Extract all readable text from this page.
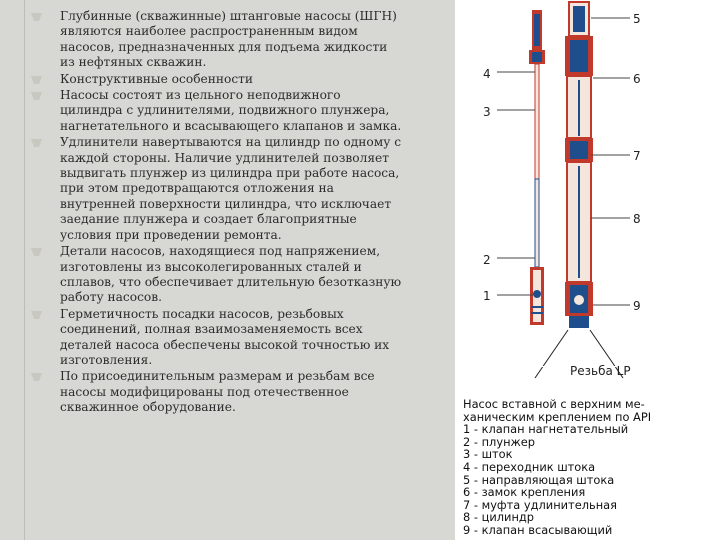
Глубинные (скважинные) штанговые насосы (ШГН) являются наиболее распространенным видом насосов, предназначенных для подъема жидкости из нефтяных скважин.
Конструктивные особенности
Насосы состоят из цельного неподвижного цилиндра с удлинителями, подвижного плунжера, нагнетательного и всасывающего клапанов и замка.
Удлинители навертываются на цилиндр по одному с каждой стороны. Наличие удлинителей позволяет выдвигать плунжер из цилиндра при работе насоса, при этом предотвращаются отложения на внутренней поверхности цилиндра, что исключает заедание плунжера и создает благоприятные условия при проведении ремонта.
Детали насосов, находящиеся под напряжением, изготовлены из высоколегированных сталей и сплавов, что обеспечивает длительную безотказную работу насосов.
Герметичность посадки насосов, резьбовых соединений, полная взаимозаменяемость всех деталей насоса обеспечены высокой точностью их изготовления.
По присоединительным размерам и резьбам все насосы модифицированы под отечественное скважинное оборудование.
4
3
2
1
5
6
7
8
9
Резьба LP
Насос вставной с верхним ме-
ханическим креплением по API
1 - клапан нагнетательный
2 - плунжер
3 - шток
4 - переходник штока
5 - направляющая штока
6 - замок крепления
7 - муфта удлинительная
8 - цилиндр
9 - клапан всасывающий
